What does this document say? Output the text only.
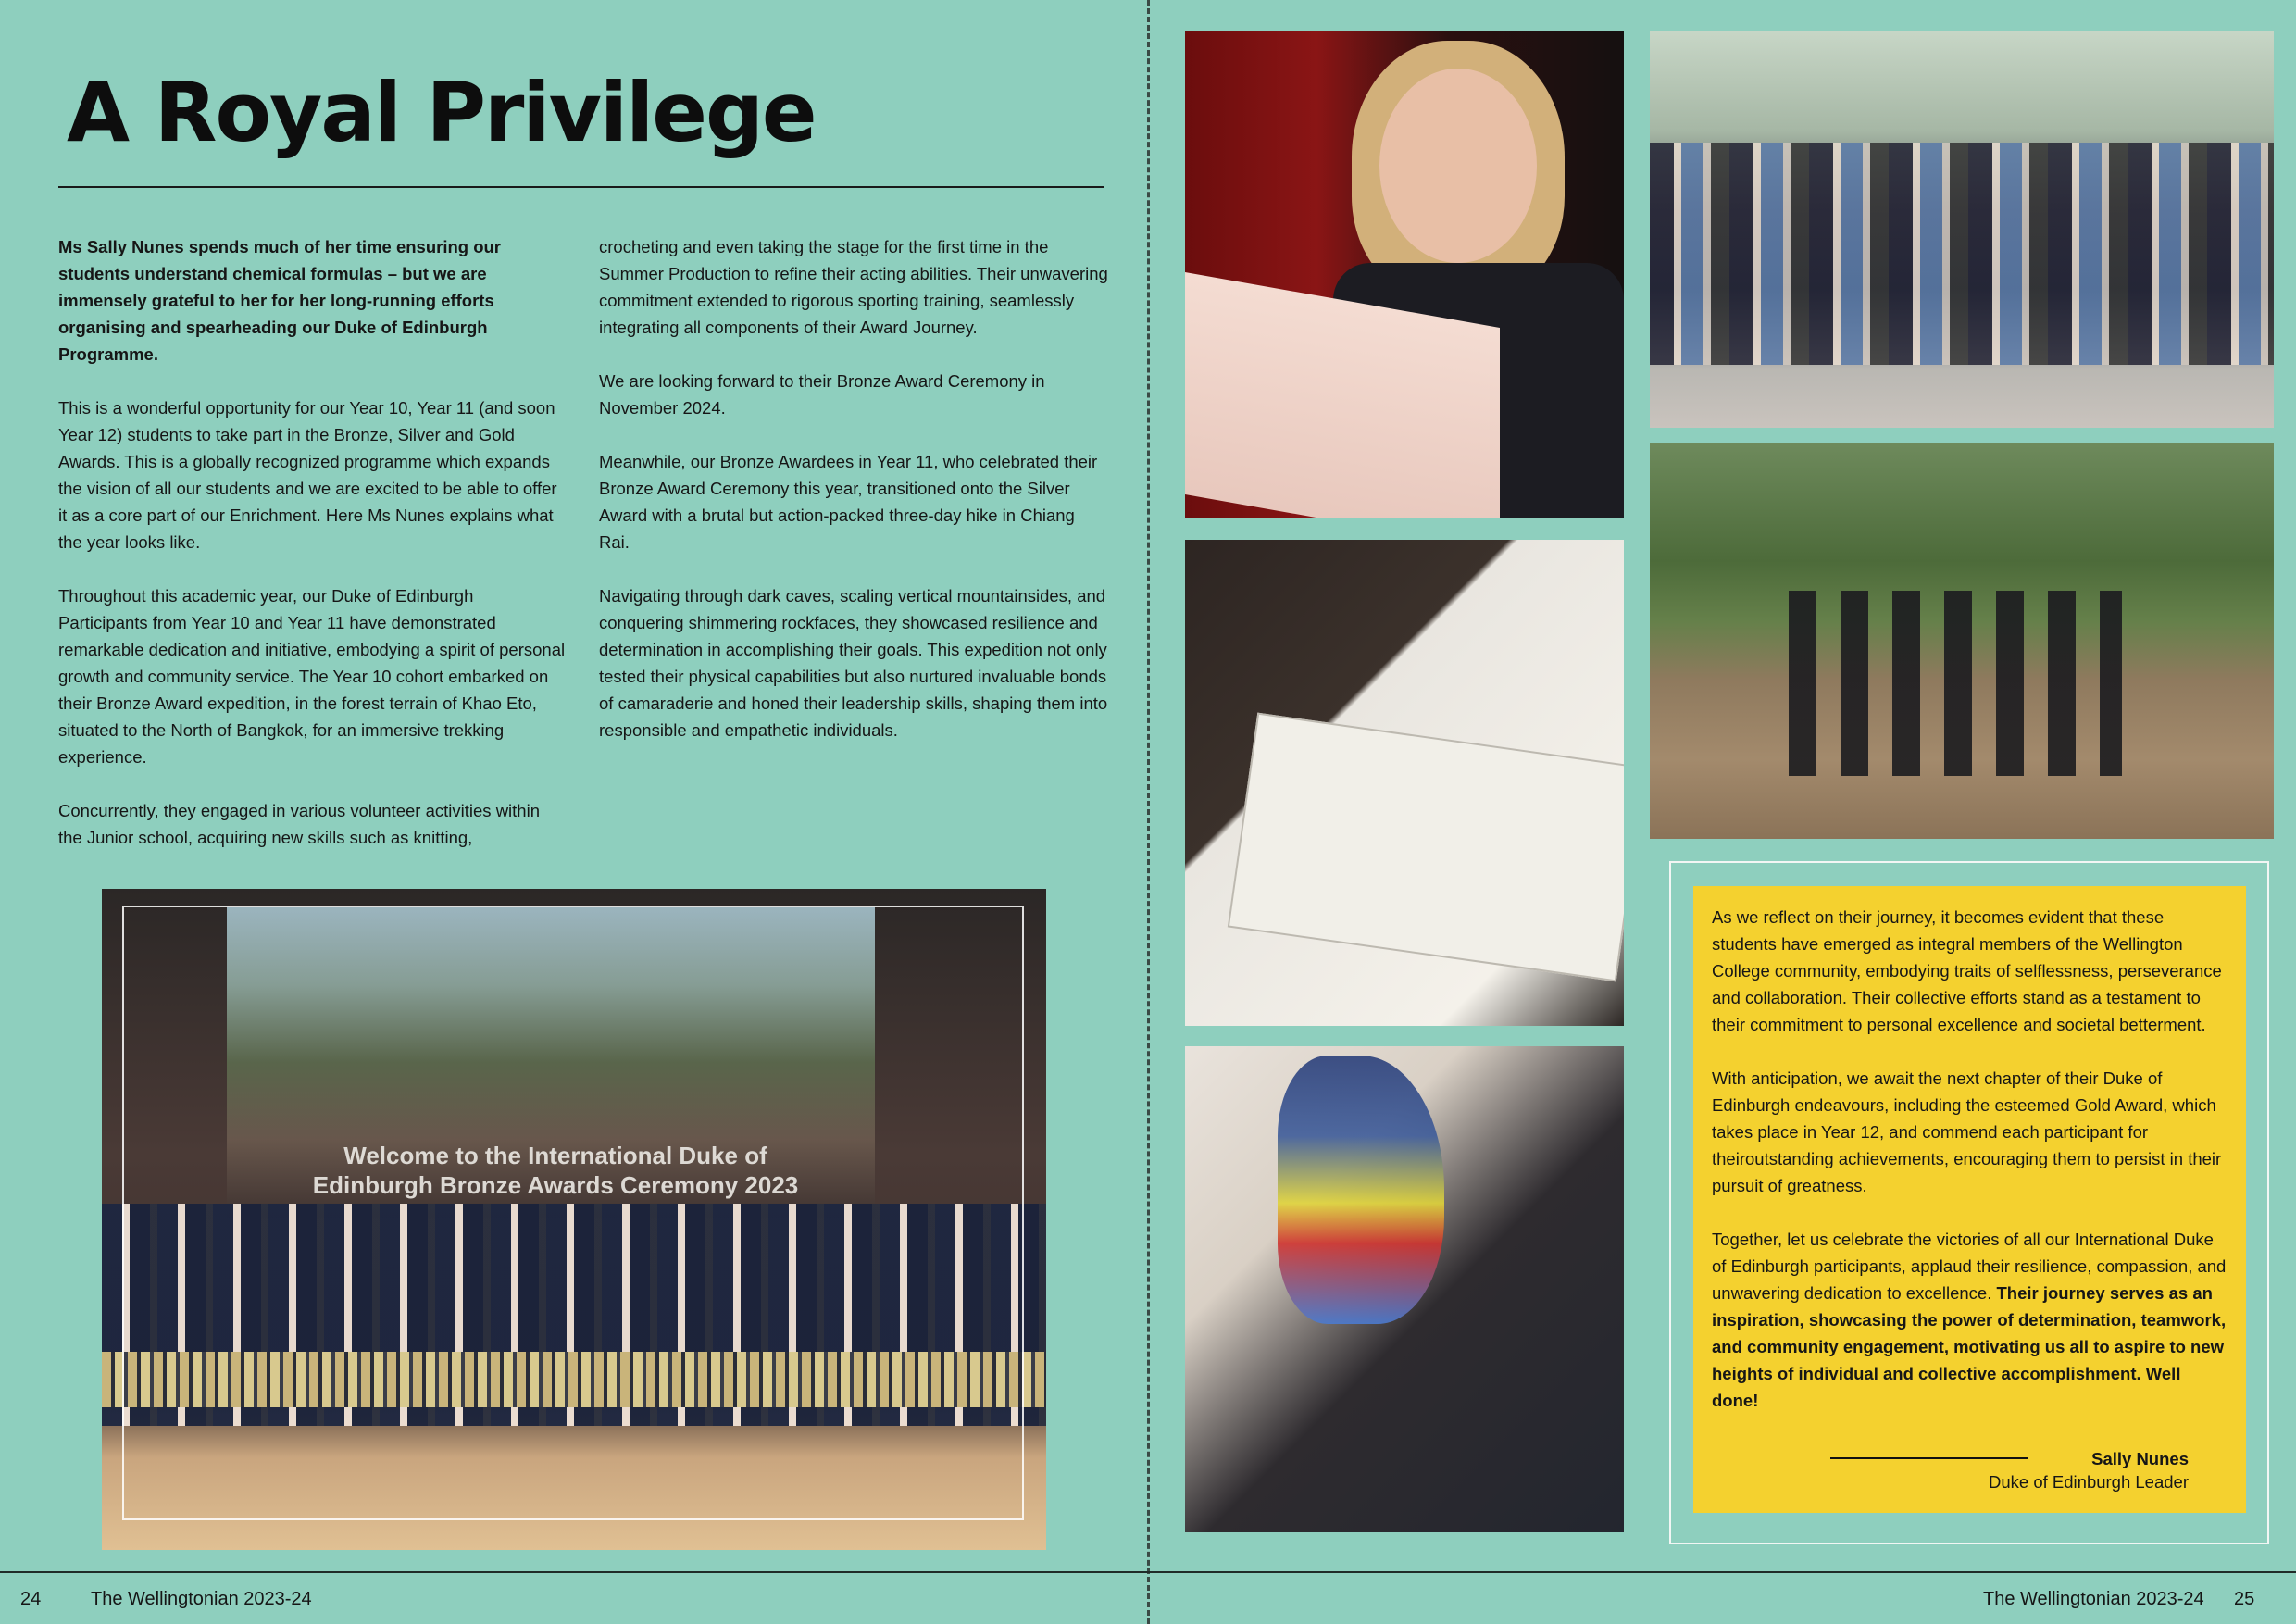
A Royal Privilege

Ms Sally Nunes spends much of her time ensuring our students understand chemical formulas – but we are immensely grateful to her for her long-running efforts organising and spearheading our Duke of Edinburgh Programme.

This is a wonderful opportunity for our Year 10, Year 11 (and soon Year 12) students to take part in the Bronze, Silver and Gold Awards. This is a globally recognized programme which expands the vision of all our students and we are excited to be able to offer it as a core part of our Enrichment. Here Ms Nunes explains what the year looks like.

Throughout this academic year, our Duke of Edinburgh Participants from Year 10 and Year 11 have demonstrated remarkable dedication and initiative, embodying a spirit of personal growth and community service. The Year 10 cohort embarked on their Bronze Award expedition, in the forest terrain of Khao Eto, situated to the North of Bangkok, for an immersive trekking experience.

Concurrently, they engaged in various volunteer activities within the Junior school, acquiring new skills such as knitting,

crocheting and even taking the stage for the first time in the Summer Production to refine their acting abilities. Their unwavering commitment extended to rigorous sporting training, seamlessly integrating all components of their Award Journey.

We are looking forward to their Bronze Award Ceremony in November 2024.

Meanwhile, our Bronze Awardees in Year 11, who celebrated their Bronze Award Ceremony this year, transitioned onto the Silver Award with a brutal but action-packed three-day hike in Chiang Rai.

Navigating through dark caves, scaling vertical mountainsides, and conquering shimmering rockfaces, they showcased resilience and determination in accomplishing their goals. This expedition not only tested their physical capabilities but also nurtured invaluable bonds of camaraderie and honed their leadership skills, shaping them into responsible and empathetic individuals.

Welcome to the International Duke of
Edinburgh Bronze Awards Ceremony 2023

As we reflect on their journey, it becomes evident that these students have emerged as integral members of the Wellington College community, embodying traits of selflessness, perseverance and collaboration. Their collective efforts stand as a testament to their commitment to personal excellence and societal betterment.

With anticipation, we await the next chapter of their Duke of Edinburgh endeavours, including the esteemed Gold Award, which takes place in Year 12, and commend each participant for theiroutstanding achievements, encouraging them to persist in their pursuit of greatness.

Together, let us celebrate the victories of all our International Duke of Edinburgh participants, applaud their resilience, compassion, and unwavering dedication to excellence. Their journey serves as an inspiration, showcasing the power of determination, teamwork, and community engagement, motivating us all to aspire to new heights of individual and collective accomplishment. Well done!

Sally Nunes
Duke of Edinburgh Leader
24	The Wellingtonian 2023-24	The Wellingtonian 2023-24 25
